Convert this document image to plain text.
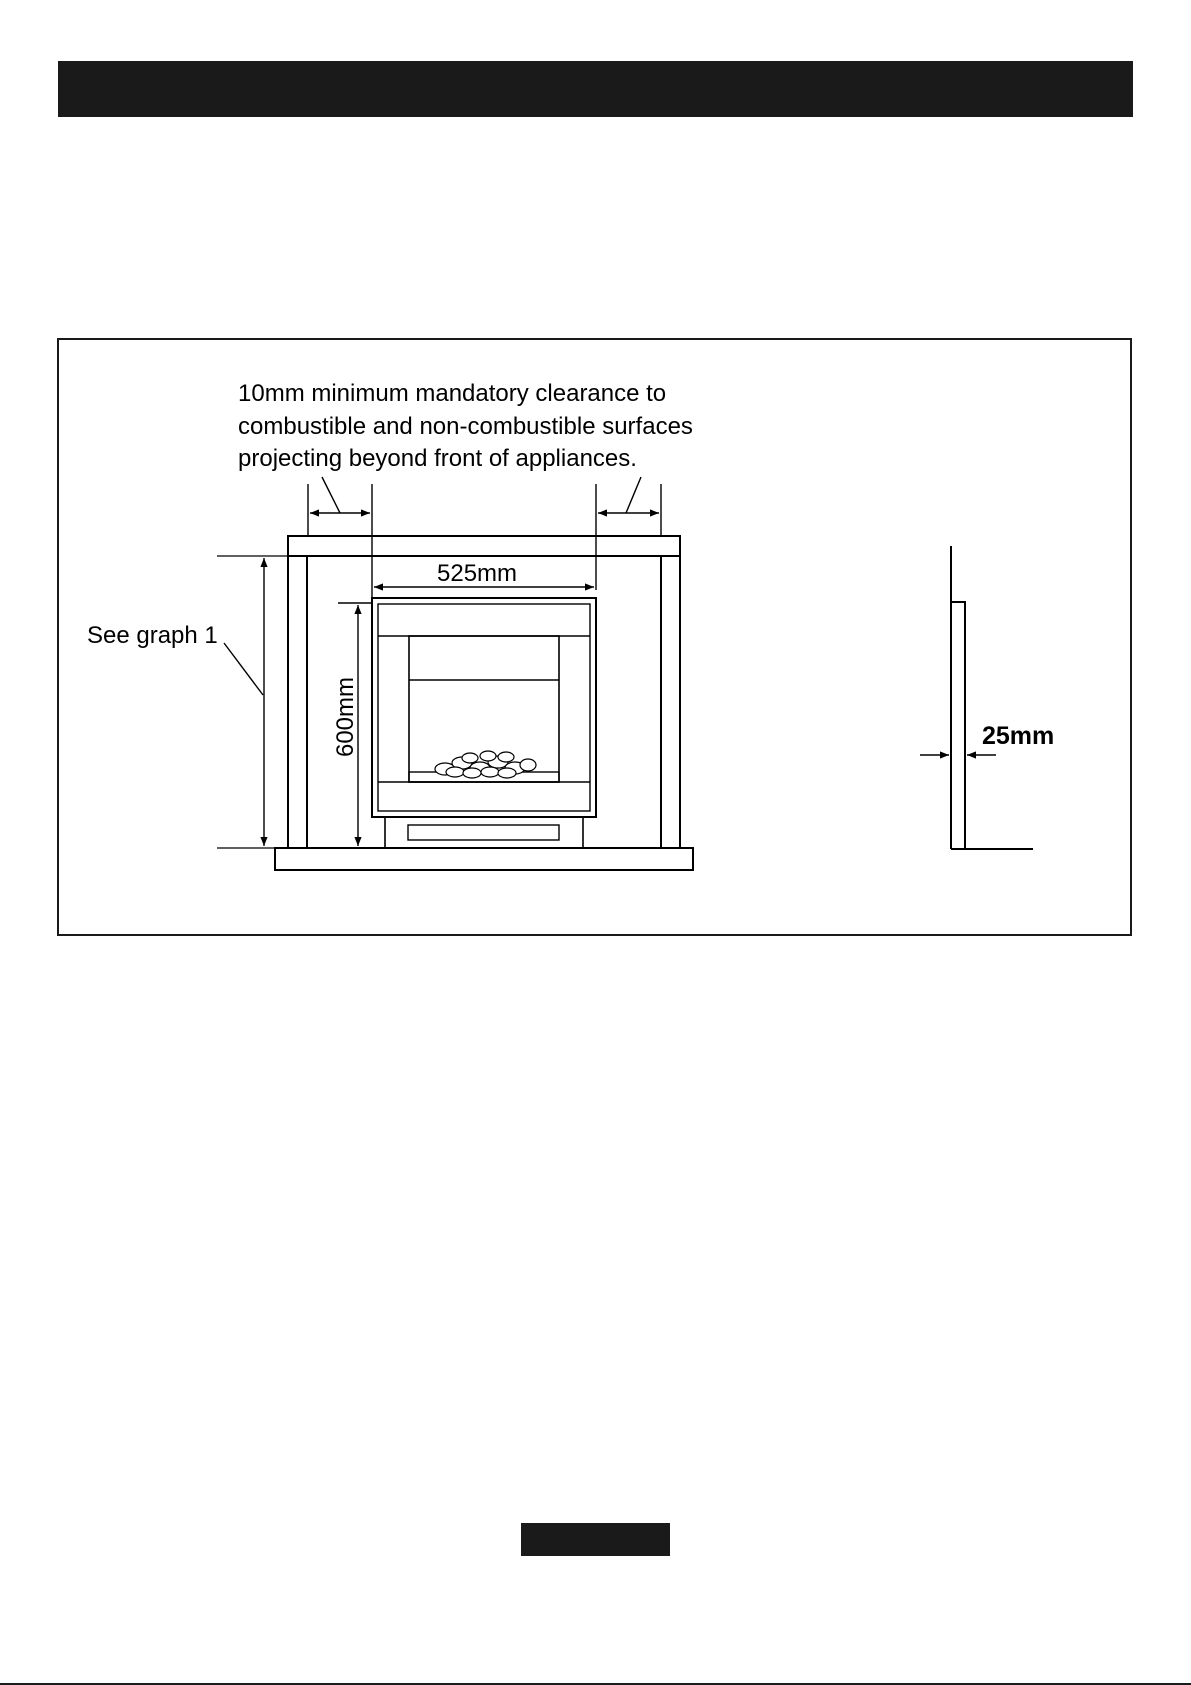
10mm minimum mandatory clearance to
combustible and non-combustible surfaces
projecting beyond front of appliances.
See graph 1
525mm
600mm	25mm
